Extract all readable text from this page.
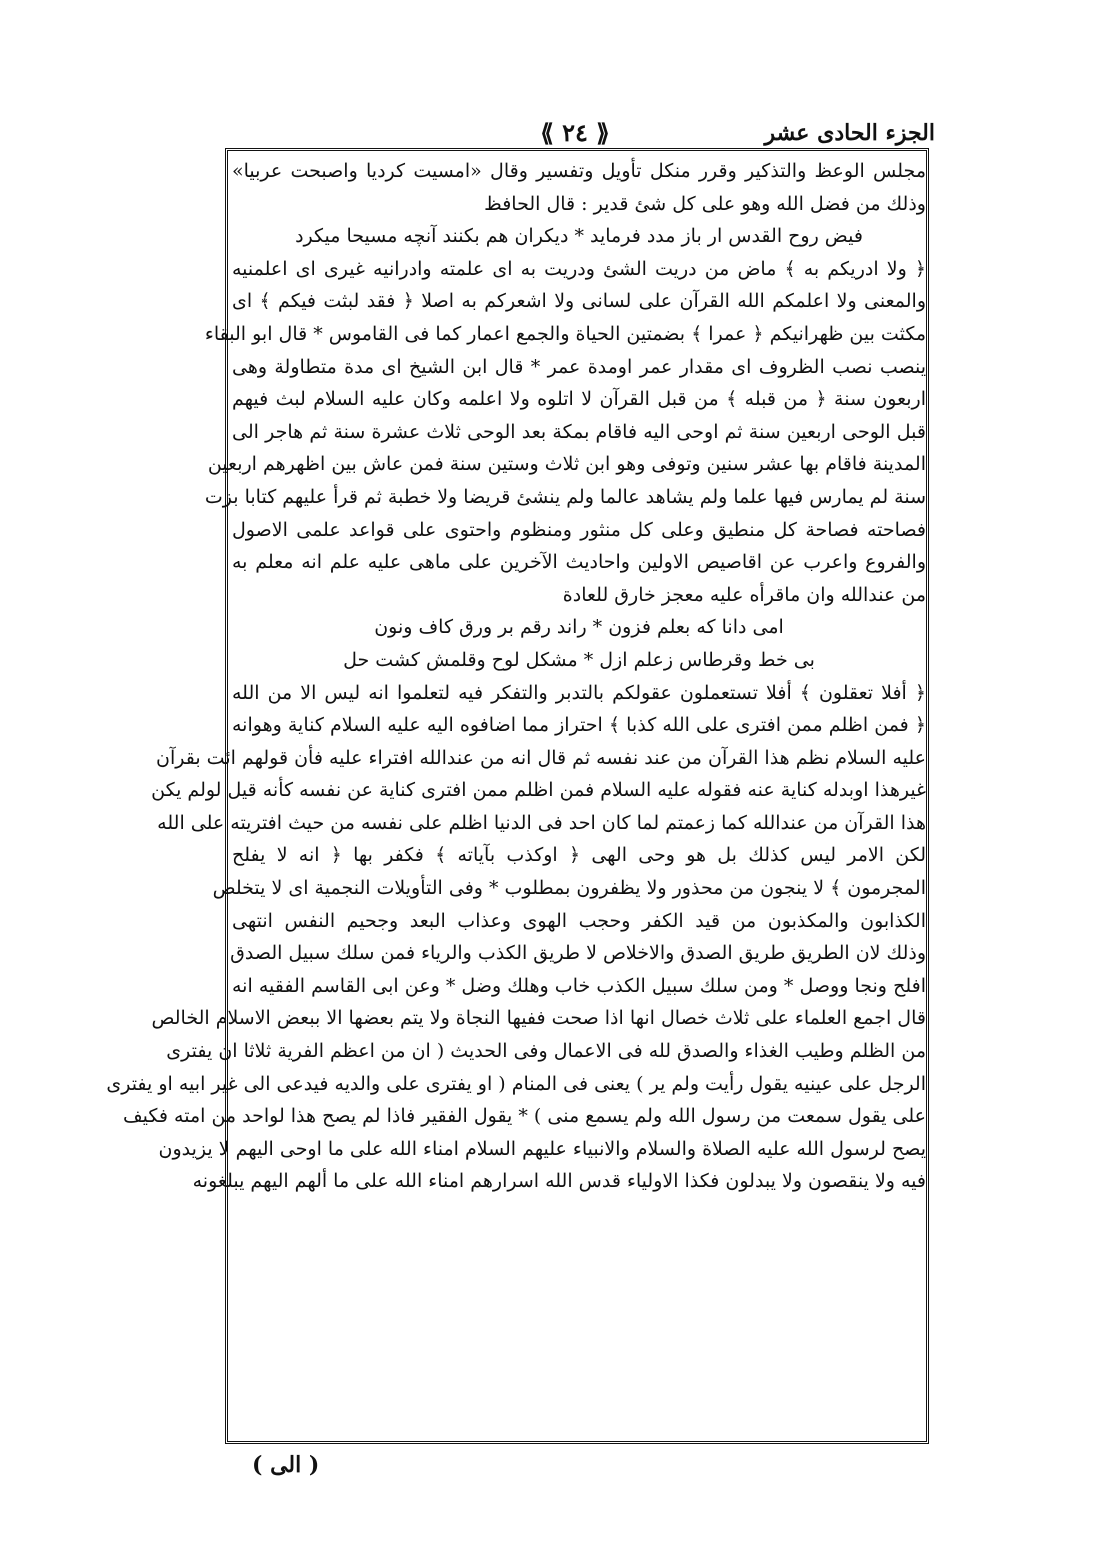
الجزء الحادى عشر
⟪ ٢٤ ⟫
مجلس الوعظ والتذكير وقرر منكل تأويل وتفسير وقال «امسيت كرديا واصبحت عربيا»
وذلك من فضل الله وهو على كل شئ قدير : قال الحافظ
فيض روح القدس ار باز مدد فرمايد * ديكران هم بكنند آنچه مسيحا ميكرد
﴿ ولا ادريكم به ﴾ ماض من دريت الشئ ودريت به اى علمته وادرانيه غيرى اى اعلمنيه
والمعنى ولا اعلمكم الله القرآن على لسانى ولا اشعركم به اصلا ﴿ فقد لبثت فيكم ﴾ اى
مكثت بين ظهرانيكم ﴿ عمرا ﴾ بضمتين الحياة والجمع اعمار كما فى القاموس * قال ابو البقاء
ينصب نصب الظروف اى مقدار عمر اومدة عمر * قال ابن الشيخ اى مدة متطاولة وهى
اربعون سنة ﴿ من قبله ﴾ من قبل القرآن لا اتلوه ولا اعلمه وكان عليه السلام لبث فيهم
قبل الوحى اربعين سنة ثم اوحى اليه فاقام بمكة بعد الوحى ثلاث عشرة سنة ثم هاجر الى
المدينة فاقام بها عشر سنين وتوفى وهو ابن ثلاث وستين سنة فمن عاش بين اظهرهم اربعين
سنة لم يمارس فيها علما ولم يشاهد عالما ولم ينشئ قريضا ولا خطبة ثم قرأ عليهم كتابا بزت
فصاحته فصاحة كل منطيق وعلى كل منثور ومنظوم واحتوى على قواعد علمى الاصول
والفروع واعرب عن اقاصيص الاولين واحاديث الآخرين على ماهى عليه علم انه معلم به
من عندالله وان ماقرأه عليه معجز خارق للعادة
امى دانا كه بعلم فزون * راند رقم بر ورق كاف ونون
بى خط وقرطاس زعلم ازل * مشكل لوح وقلمش كشت حل
﴿ أفلا تعقلون ﴾ أفلا تستعملون عقولكم بالتدبر والتفكر فيه لتعلموا انه ليس الا من الله
﴿ فمن اظلم ممن افترى على الله كذبا ﴾ احتراز مما اضافوه اليه عليه السلام كناية وهوانه
عليه السلام نظم هذا القرآن من عند نفسه ثم قال انه من عندالله افتراء عليه فأن قولهم ائت بقرآن
غيرهذا اوبدله كناية عنه فقوله عليه السلام فمن اظلم ممن افترى كناية عن نفسه كأنه قيل لولم يكن
هذا القرآن من عندالله كما زعمتم لما كان احد فى الدنيا اظلم على نفسه من حيث افتريته على الله
لكن الامر ليس كذلك بل هو وحى الهى ﴿ اوكذب بآياته ﴾ فكفر بها ﴿ انه لا يفلح
المجرمون ﴾ لا ينجون من محذور ولا يظفرون بمطلوب * وفى التأويلات النجمية اى لا يتخلص
الكذابون والمكذبون من قيد الكفر وحجب الهوى وعذاب البعد وجحيم النفس انتهى
وذلك لان الطريق طريق الصدق والاخلاص لا طريق الكذب والرياء فمن سلك سبيل الصدق
افلح ونجا ووصل * ومن سلك سبيل الكذب خاب وهلك وضل * وعن ابى القاسم الفقيه انه
قال اجمع العلماء على ثلاث خصال انها اذا صحت ففيها النجاة ولا يتم بعضها الا ببعض الاسلام الخالص
من الظلم وطيب الغذاء والصدق لله فى الاعمال وفى الحديث ( ان من اعظم الفرية ثلاثا ان يفترى
الرجل على عينيه يقول رأيت ولم ير ) يعنى فى المنام ( او يفترى على والديه فيدعى الى غير ابيه او يفترى
على يقول سمعت من رسول الله ولم يسمع منى ) * يقول الفقير فاذا لم يصح هذا لواحد من امته فكيف
يصح لرسول الله عليه الصلاة والسلام والانبياء عليهم السلام امناء الله على ما اوحى اليهم لا يزيدون
فيه ولا ينقصون ولا يبدلون فكذا الاولياء قدس الله اسرارهم امناء الله على ما ألهم اليهم يبلغونه
( الى )
